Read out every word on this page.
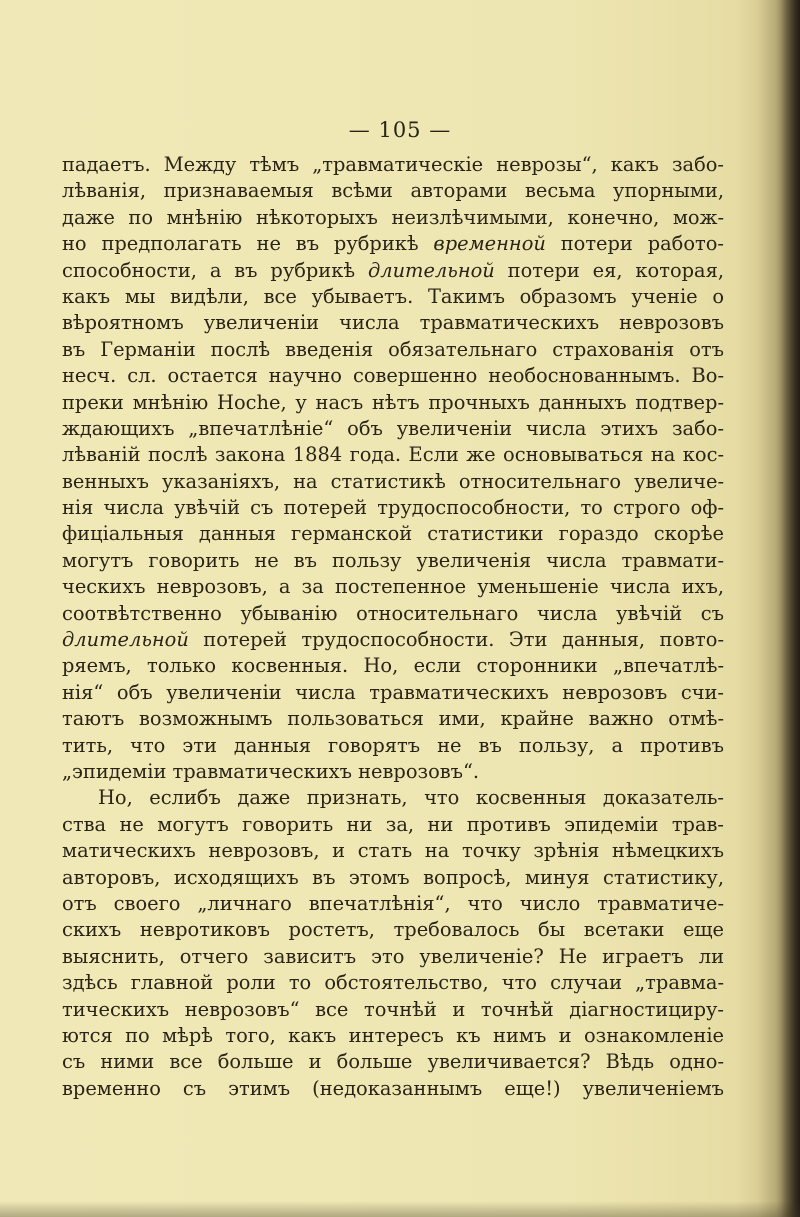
— 105 —
падаетъ. Между тѣмъ „травматическіе неврозы“, какъ забо-
лѣванія, признаваемыя всѣми авторами весьма упорными,
даже по мнѣнію нѣкоторыхъ неизлѣчимыми, конечно, мож-
но предполагать не въ рубрикѣ временной потери работо-
способности, а въ рубрикѣ длительной потери ея, которая,
какъ мы видѣли, все убываетъ. Такимъ образомъ ученіе о
вѣроятномъ увеличеніи числа травматическихъ неврозовъ
въ Германіи послѣ введенія обязательнаго страхованія отъ
несч. сл. остается научно совершенно необоснованнымъ. Во-
преки мнѣнію Hoche, у насъ нѣтъ прочныхъ данныхъ подтвер-
ждающихъ „впечатлѣніе“ объ увеличеніи числа этихъ забо-
лѣваній послѣ закона 1884 года. Если же основываться на кос-
венныхъ указаніяхъ, на статистикѣ относительнаго увеличе-
нія числа увѣчій съ потерей трудоспособности, то строго оф-
фиціальныя данныя германской статистики гораздо скорѣе
могутъ говорить не въ пользу увеличенія числа травмати-
ческихъ неврозовъ, а за постепенное уменьшеніе числа ихъ,
соотвѣтственно убыванію относительнаго числа увѣчій съ
длительной потерей трудоспособности. Эти данныя, повто-
ряемъ, только косвенныя. Но, если сторонники „впечатлѣ-
нія“ объ увеличеніи числа травматическихъ неврозовъ счи-
таютъ возможнымъ пользоваться ими, крайне важно отмѣ-
тить, что эти данныя говорятъ не въ пользу, а противъ
„эпидеміи травматическихъ неврозовъ“.
Но, еслибъ даже признать, что косвенныя доказатель-
ства не могутъ говорить ни за, ни противъ эпидеміи трав-
матическихъ неврозовъ, и стать на точку зрѣнія нѣмецкихъ
авторовъ, исходящихъ въ этомъ вопросѣ, минуя статистику,
отъ своего „личнаго впечатлѣнія“, что число травматиче-
скихъ невротиковъ ростетъ, требовалось бы всетаки еще
выяснить, отчего зависитъ это увеличеніе? Не играетъ ли
здѣсь главной роли то обстоятельство, что случаи „травма-
тическихъ неврозовъ“ все точнѣй и точнѣй діагностициру-
ются по мѣрѣ того, какъ интересъ къ нимъ и ознакомленіе
съ ними все больше и больше увеличивается? Вѣдь одно-
временно съ этимъ (недоказаннымъ еще!) увеличеніемъ
